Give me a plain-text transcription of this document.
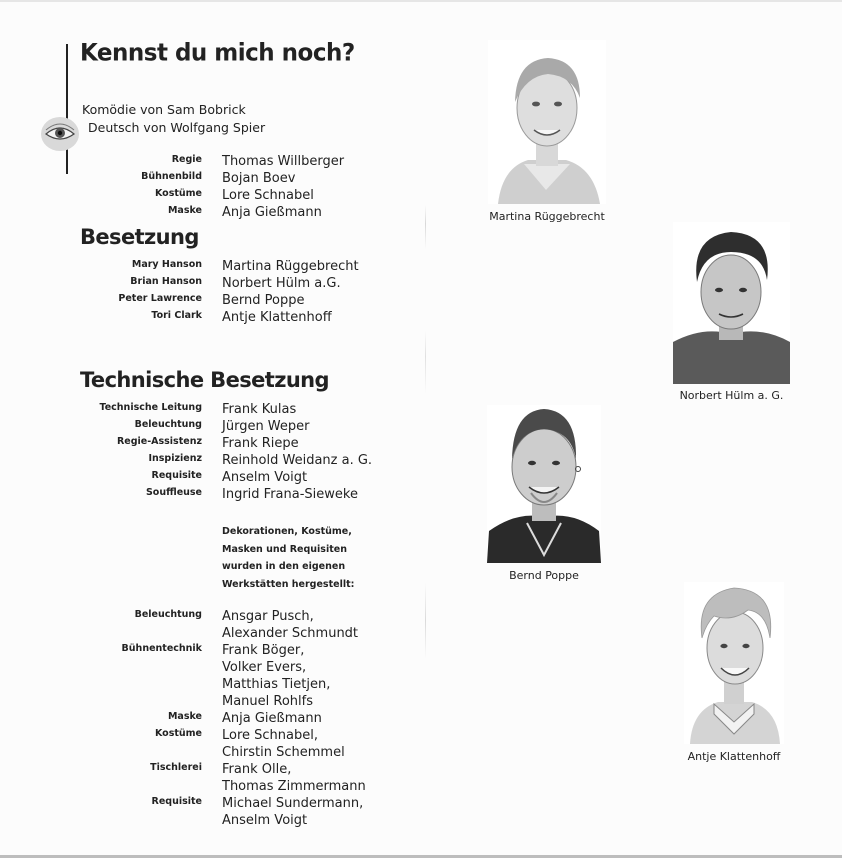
Kennst du mich noch?
Komödie von Sam Bobrick
Deutsch von Wolfgang Spier
Regie Thomas Willberger
Bühnenbild Bojan Boev
Kostüme Lore Schnabel
Maske Anja Gießmann
Besetzung
Mary Hanson Martina Rüggebrecht
Brian Hanson Norbert Hülm a.G.
Peter Lawrence Bernd Poppe
Tori Clark Antje Klattenhoff
Technische Besetzung
Technische Leitung Frank Kulas
Beleuchtung Jürgen Weper
Regie-Assistenz Frank Riepe
Inspizienz Reinhold Weidanz a. G.
Requisite Anselm Voigt
Souffleuse Ingrid Frana-Sieweke
Dekorationen, Kostüme,
Masken und Requisiten
wurden in den eigenen
Werkstätten hergestellt:
Beleuchtung Ansgar Pusch,
Alexander Schmundt
Bühnentechnik Frank Böger,
Volker Evers,
Matthias Tietjen,
Manuel Rohlfs
Maske Anja Gießmann
Kostüme Lore Schnabel,
Chirstin Schemmel
Tischlerei Frank Olle,
Thomas Zimmermann
Requisite Michael Sundermann,
Anselm Voigt
Martina Rüggebrecht
Norbert Hülm a. G.
Bernd Poppe
Antje Klattenhoff
